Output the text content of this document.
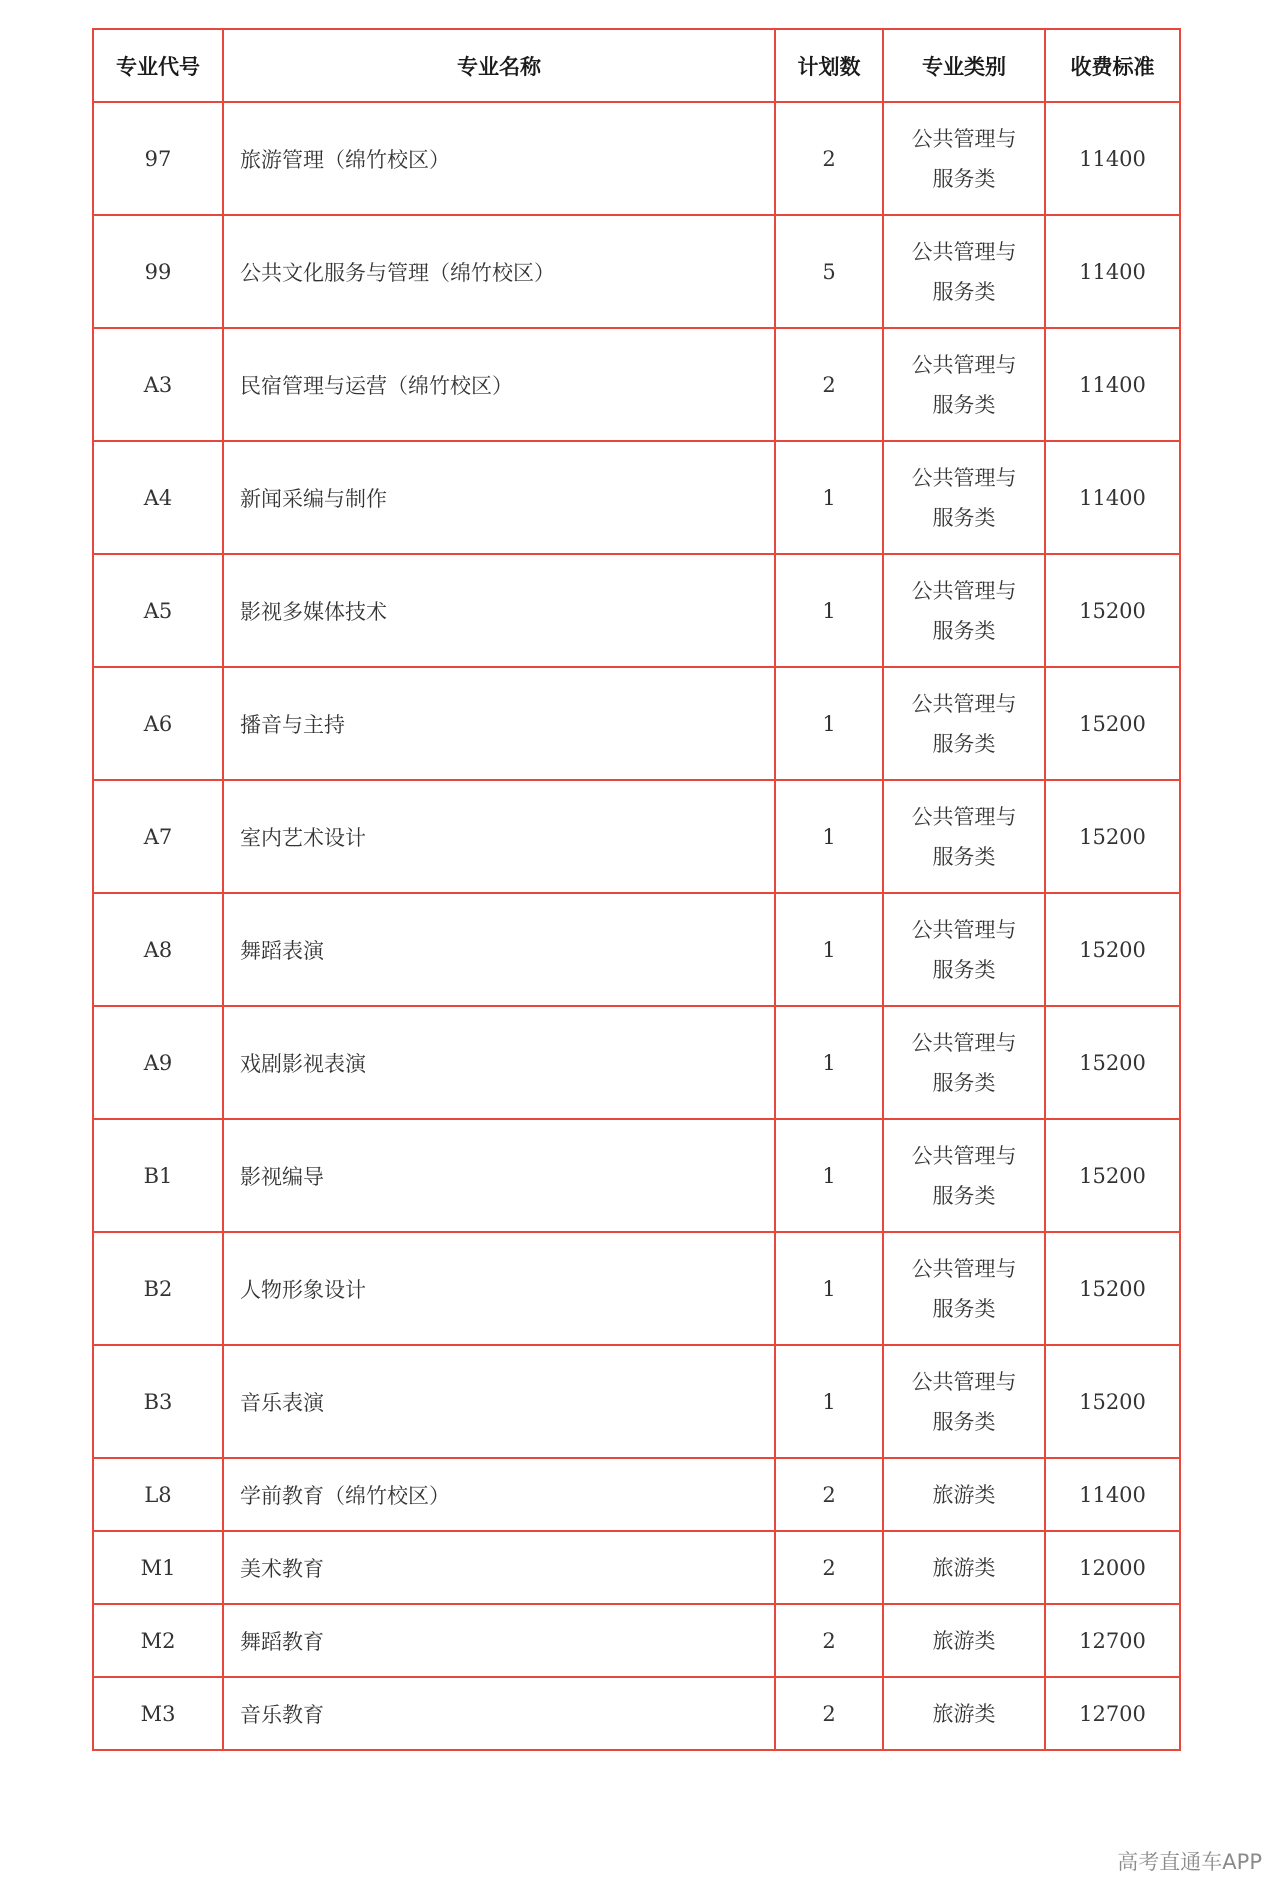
专业代号	专业名称	计划数	专业类别	收费标准
97	旅游管理（绵竹校区）	2	公共管理与服务类	11400
99	公共文化服务与管理（绵竹校区）	5	公共管理与服务类	11400
A3	民宿管理与运营（绵竹校区）	2	公共管理与服务类	11400
A4	新闻采编与制作	1	公共管理与服务类	11400
A5	影视多媒体技术	1	公共管理与服务类	15200
A6	播音与主持	1	公共管理与服务类	15200
A7	室内艺术设计	1	公共管理与服务类	15200
A8	舞蹈表演	1	公共管理与服务类	15200
A9	戏剧影视表演	1	公共管理与服务类	15200
B1	影视编导	1	公共管理与服务类	15200
B2	人物形象设计	1	公共管理与服务类	15200
B3	音乐表演	1	公共管理与服务类	15200
L8	学前教育（绵竹校区）	2	旅游类	11400
M1	美术教育	2	旅游类	12000
M2	舞蹈教育	2	旅游类	12700
M3	音乐教育	2	旅游类	12700
高考直通车APP
